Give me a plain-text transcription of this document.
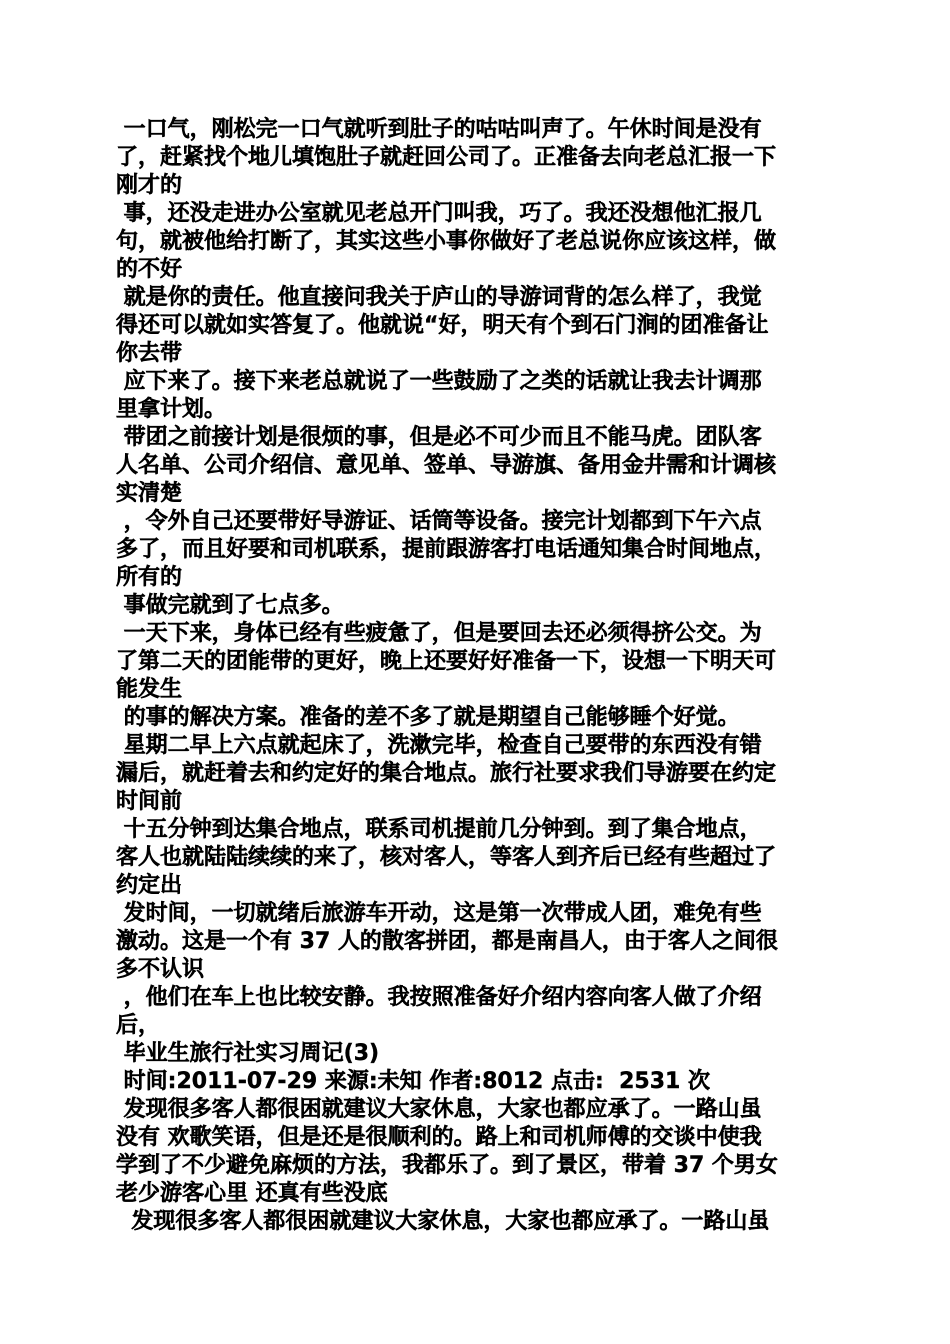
一口气，刚松完一口气就听到肚子的咕咕叫声了。午休时间是没有
了，赶紧找个地儿填饱肚子就赶回公司了。正准备去向老总汇报一下
刚才的
事，还没走进办公室就见老总开门叫我，巧了。我还没想他汇报几
句，就被他给打断了，其实这些小事你做好了老总说你应该这样，做
的不好
就是你的责任。他直接问我关于庐山的导游词背的怎么样了，我觉
得还可以就如实答复了。他就说“好，明天有个到石门涧的团准备让
你去带
应下来了。接下来老总就说了一些鼓励了之类的话就让我去计调那
里拿计划。
带团之前接计划是很烦的事，但是必不可少而且不能马虎。团队客
人名单、公司介绍信、意见单、签单、导游旗、备用金井需和计调核
实清楚
，令外自己还要带好导游证、话筒等设备。接完计划都到下午六点
多了，而且好要和司机联系，提前跟游客打电话通知集合时间地点，
所有的
事做完就到了七点多。
一天下来，身体已经有些疲惫了，但是要回去还必须得挤公交。为
了第二天的团能带的更好，晚上还要好好准备一下，设想一下明天可
能发生
的事的解决方案。准备的差不多了就是期望自己能够睡个好觉。
星期二早上六点就起床了，洗漱完毕，检查自己要带的东西没有错
漏后，就赶着去和约定好的集合地点。旅行社要求我们导游要在约定
时间前
十五分钟到达集合地点，联系司机提前几分钟到。到了集合地点，
客人也就陆陆续续的来了，核对客人，等客人到齐后已经有些超过了
约定出
发时间，一切就绪后旅游车开动，这是第一次带成人团，难免有些
激动。这是一个有 37 人的散客拼团，都是南昌人，由于客人之间很
多不认识
，他们在车上也比较安静。我按照准备好介绍内容向客人做了介绍
后，
毕业生旅行社实习周记(3)
时间:2011-07-29 来源:未知 作者:8012 点击:  2531 次
发现很多客人都很困就建议大家休息，大家也都应承了。一路山虽
没有 欢歌笑语，但是还是很顺利的。路上和司机师傅的交谈中使我
学到了不少避免麻烦的方法，我都乐了。到了景区，带着 37 个男女
老少游客心里 还真有些没底
发现很多客人都很困就建议大家休息，大家也都应承了。一路山虽
